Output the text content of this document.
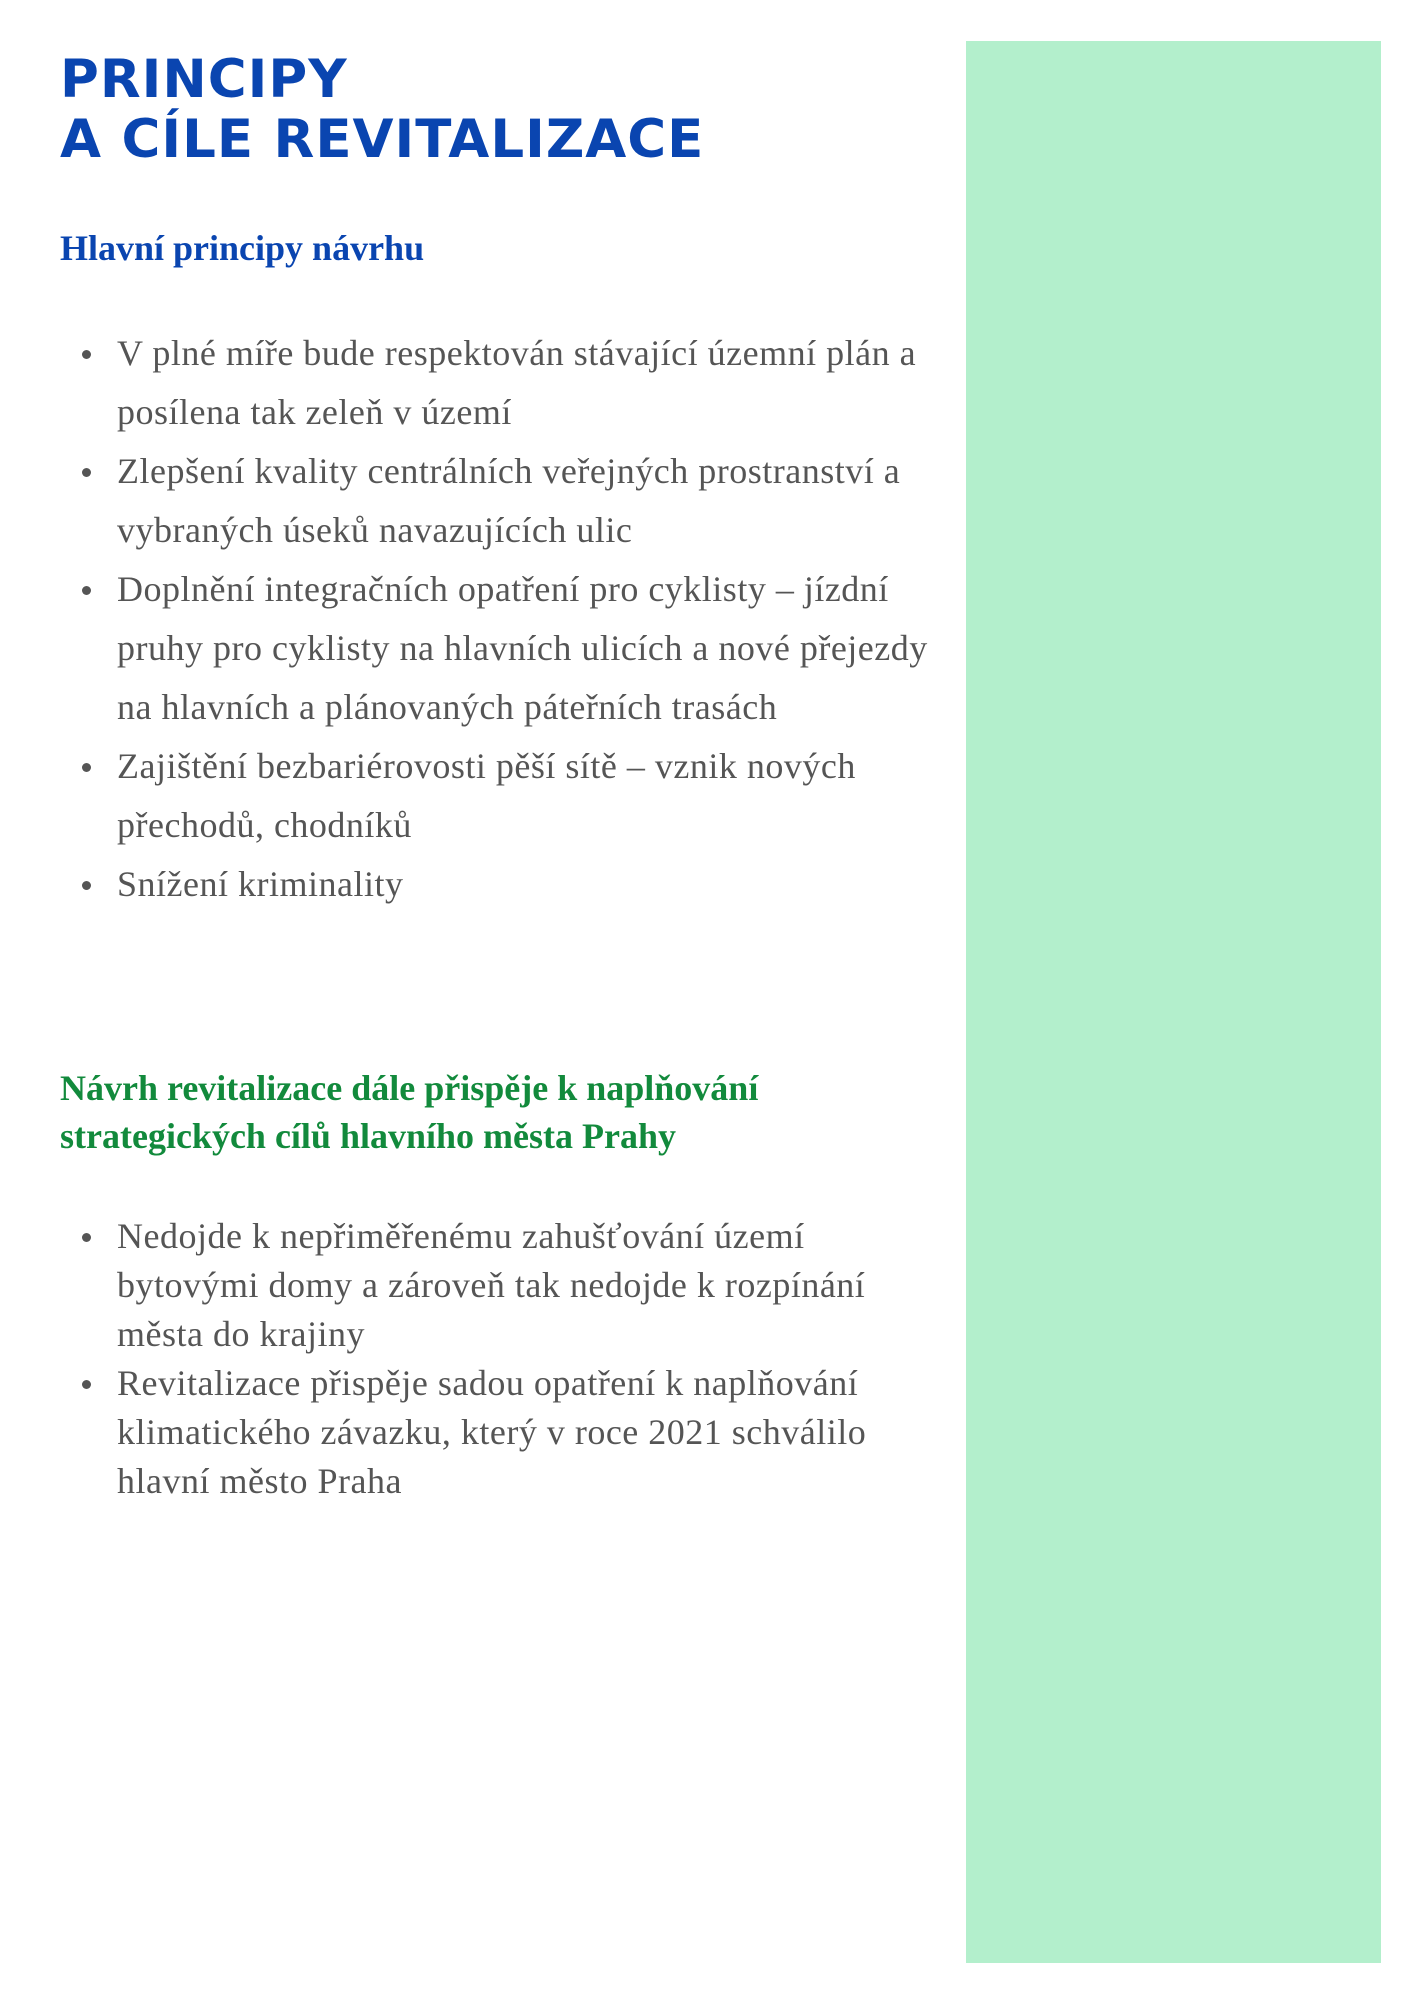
PRINCIPY
A CÍLE REVITALIZACE
Hlavní principy návrhu
V plné míře bude respektován stávající územní plán a posílena tak zeleň v území
Zlepšení kvality centrálních veřejných prostranství a vybraných úseků navazujících ulic
Doplnění integračních opatření pro cyklisty – jízdní pruhy pro cyklisty na hlavních ulicích a nové přejezdy na hlavních a plánovaných páteřních trasách
Zajištění bezbariérovosti pěší sítě – vznik nových přechodů, chodníků
Snížení kriminality
Návrh revitalizace dále přispěje k naplňování strategických cílů hlavního města Prahy
Nedojde k nepřiměřenému zahušťování území bytovými domy a zároveň tak nedojde k rozpínání města do krajiny
Revitalizace přispěje sadou opatření k naplňování klimatického závazku, který v roce 2021 schválilo hlavní město Praha
